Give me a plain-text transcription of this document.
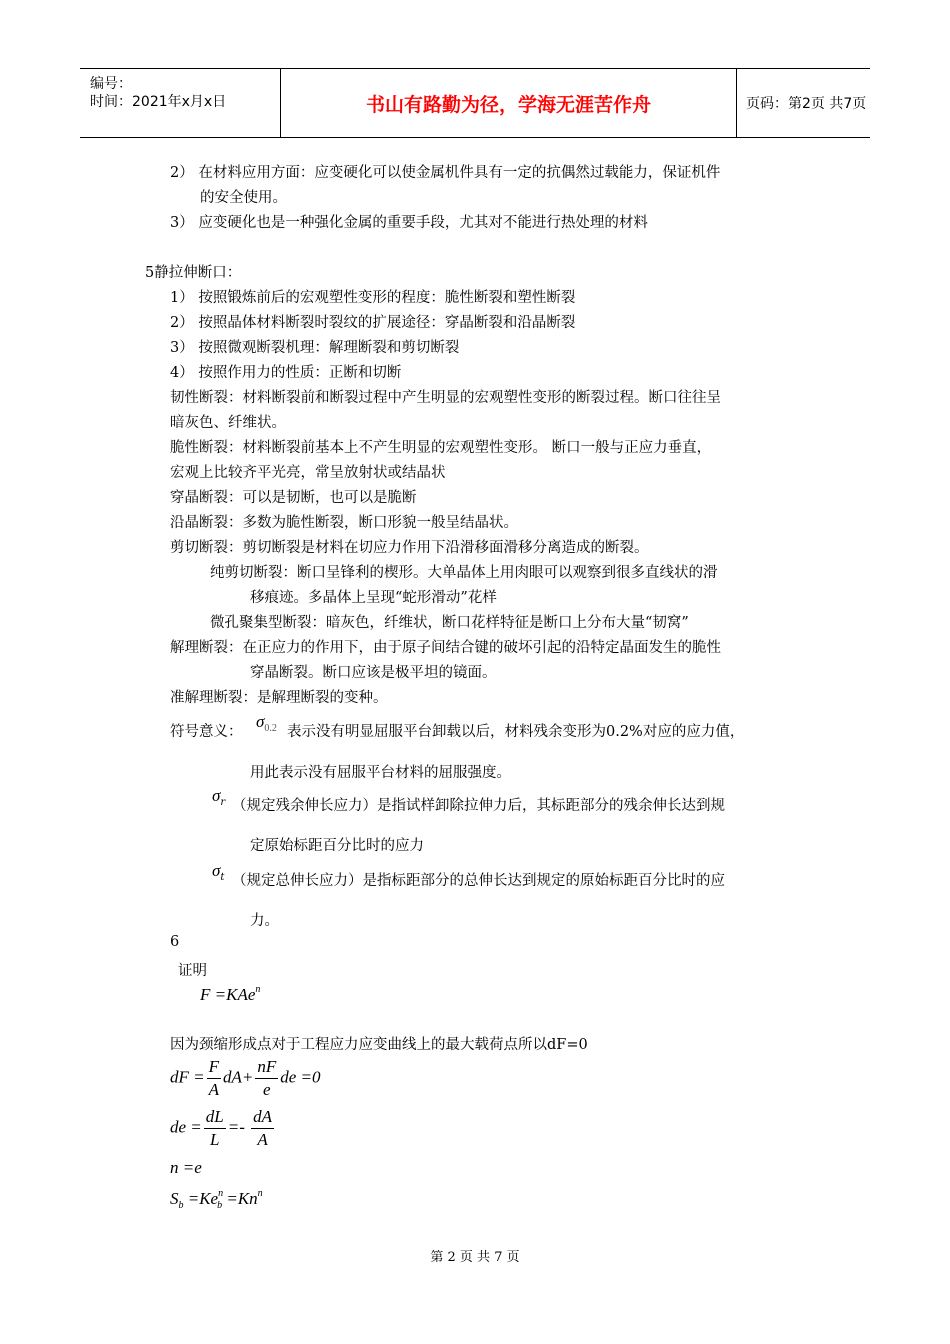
编号：
时间：2021年x月x日	书山有路勤为径，学海无涯苦作舟	页码：第2页 共7页
2） 在材料应用方面：应变硬化可以使金属机件具有一定的抗偶然过载能力，保证机件
的安全使用。
3） 应变硬化也是一种强化金属的重要手段，尤其对不能进行热处理的材料
5静拉伸断口：
1） 按照锻炼前后的宏观塑性变形的程度：脆性断裂和塑性断裂
2） 按照晶体材料断裂时裂纹的扩展途径：穿晶断裂和沿晶断裂
3） 按照微观断裂机理：解理断裂和剪切断裂
4） 按照作用力的性质：正断和切断
韧性断裂：材料断裂前和断裂过程中产生明显的宏观塑性变形的断裂过程。断口往往呈
暗灰色、纤维状。
脆性断裂：材料断裂前基本上不产生明显的宏观塑性变形。 断口一般与正应力垂直，
宏观上比较齐平光亮，常呈放射状或结晶状
穿晶断裂：可以是韧断，也可以是脆断
沿晶断裂：多数为脆性断裂，断口形貌一般呈结晶状。
剪切断裂：剪切断裂是材料在切应力作用下沿滑移面滑移分离造成的断裂。
纯剪切断裂：断口呈锋利的楔形。大单晶体上用肉眼可以观察到很多直线状的滑
移痕迹。多晶体上呈现“蛇形滑动”花样
微孔聚集型断裂：暗灰色，纤维状，断口花样特征是断口上分布大量“韧窝”
解理断裂：在正应力的作用下，由于原子间结合键的破坏引起的沿特定晶面发生的脆性
穿晶断裂。断口应该是极平坦的镜面。
准解理断裂：是解理断裂的变种。
符号意义：
$\sigma_{0.2}$ 表示没有明显屈服平台卸载以后，材料残余变形为0.2%对应的应力值，
用此表示没有屈服平台材料的屈服强度。
$\sigma_r$ （规定残余伸长应力）是指试样卸除拉伸力后，其标距部分的残余伸长达到规
定原始标距百分比时的应力
$\sigma_t$ （规定总伸长应力）是指标距部分的总伸长达到规定的原始标距百分比时的应
力。
6
证明
F =KAe$^n$
因为颈缩形成点对于工程应力应变曲线上的最大载荷点所以dF=0
dF = $\frac{F}{A} dA+ \frac{nF}{e}$ de =0
de = $\frac{dL}{L} =- \frac{dA}{A}$
n =e
$S_b =Ke^n_b =Kn^n$
第 2 页 共 7 页
